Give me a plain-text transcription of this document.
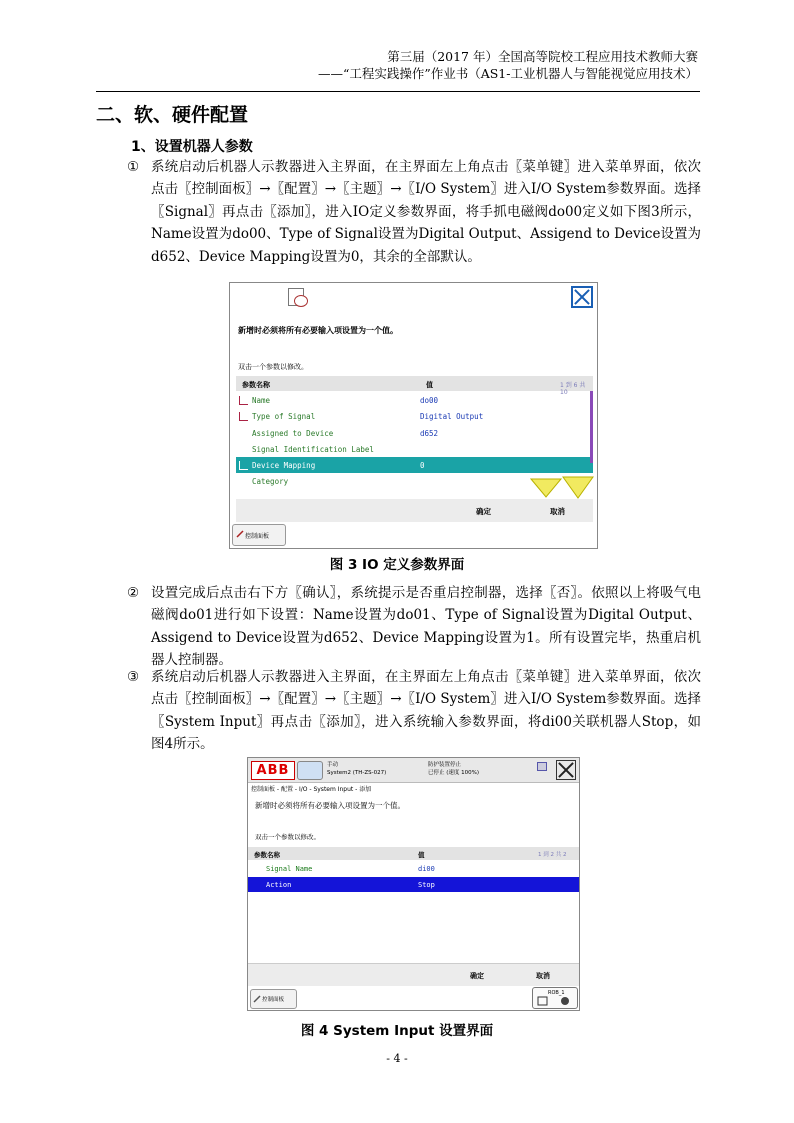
第三届（2017 年）全国高等院校工程应用技术教师大赛
——“工程实践操作”作业书（AS1-工业机器人与智能视觉应用技术）
二、软、硬件配置
1、设置机器人参数
① 系统启动后机器人示教器进入主界面，在主界面左上角点击〖菜单键〗进入菜单界面，依次点击〖控制面板〗→〖配置〗→〖主题〗→〖I/O System〗进入I/O System参数界面。选择〖Signal〗再点击〖添加〗，进入IO定义参数界面，将手抓电磁阀do00定义如下图3所示，Name设置为do00、Type of Signal设置为Digital Output、Assigend to Device设置为d652、Device Mapping设置为0，其余的全部默认。
新增时必须将所有必要输入项设置为一个值。
双击一个参数以修改。
参数名称	值	1 到 6 共 10
Name	do00
Type of Signal	Digital Output
Assigned to Device	d652
Signal Identification Label
Device Mapping	0
Category
确定	取消
控制面板
图 3 IO 定义参数界面
② 设置完成后点击右下方〖确认〗，系统提示是否重启控制器，选择〖否〗。依照以上将吸气电磁阀do01进行如下设置：Name设置为do01、Type of Signal设置为Digital Output、Assigend to Device设置为d652、Device Mapping设置为1。所有设置完毕，热重启机器人控制器。
③ 系统启动后机器人示教器进入主界面，在主界面左上角点击〖菜单键〗进入菜单界面，依次点击〖控制面板〗→〖配置〗→〖主题〗→〖I/O System〗进入I/O System参数界面。选择〖System Input〗再点击〖添加〗，进入系统输入参数界面，将di00关联机器人Stop，如图4所示。
ABB	手动
System2 (TH-ZS-027)
防护装置停止
已停止 (速度 100%)
控制面板 - 配置 - I/O - System Input - 添加
新增时必须将所有必要输入项设置为一个值。
双击一个参数以修改。
参数名称	值	1 到 2 共 2
Signal Name	di00
Action	Stop
确定	取消
控制面板
ROB_1
图 4 System Input 设置界面
- 4 -
